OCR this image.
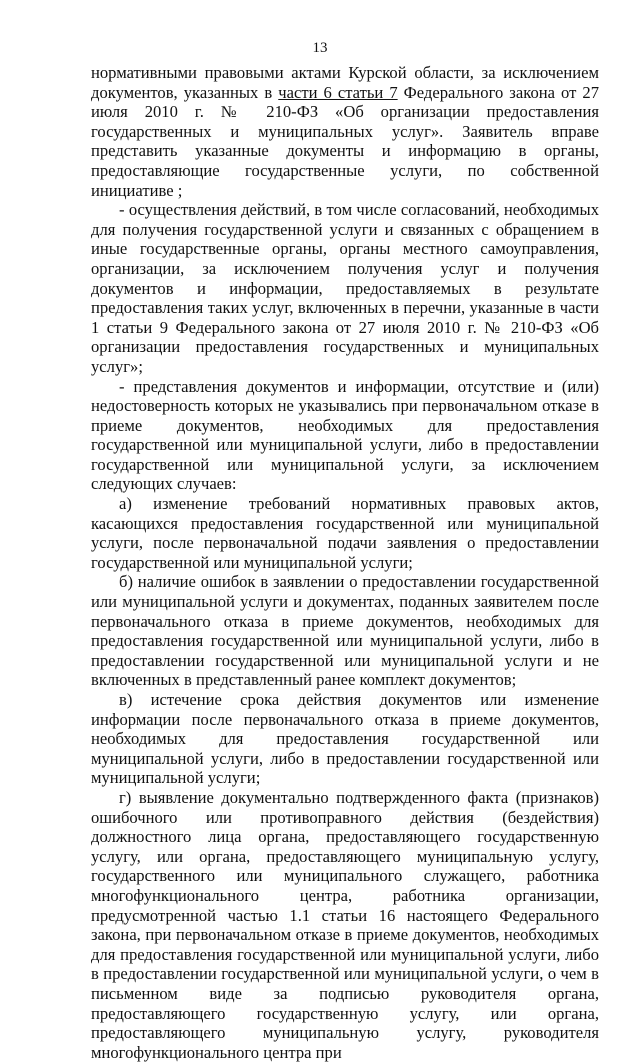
13

нормативными правовыми актами Курской области, за исключением документов, указанных в части 6 статьи 7 Федерального закона от 27 июля 2010 г. № 210-ФЗ «Об организации предоставления государственных и муниципальных услуг». Заявитель вправе представить указанные документы и информацию в органы, предоставляющие государственные услуги, по собственной инициативе ;

- осуществления действий, в том числе согласований, необходимых для получения государственной услуги и связанных с обращением в иные государственные органы, органы местного самоуправления, организации, за исключением получения услуг и получения документов и информации, предоставляемых в результате предоставления таких услуг, включенных в перечни, указанные в части 1 статьи 9 Федерального закона от 27 июля 2010 г. № 210-ФЗ «Об организации предоставления государственных и муниципальных услуг»;

- представления документов и информации, отсутствие и (или) недостоверность которых не указывались при первоначальном отказе в приеме документов, необходимых для предоставления государственной или муниципальной услуги, либо в предоставлении государственной или муниципальной услуги, за исключением следующих случаев:

а) изменение требований нормативных правовых актов, касающихся предоставления государственной или муниципальной услуги, после первоначальной подачи заявления о предоставлении государственной или муниципальной услуги;

б) наличие ошибок в заявлении о предоставлении государственной или муниципальной услуги и документах, поданных заявителем после первоначального отказа в приеме документов, необходимых для предоставления государственной или муниципальной услуги, либо в предоставлении государственной или муниципальной услуги и не включенных в представленный ранее комплект документов;

в) истечение срока действия документов или изменение информации после первоначального отказа в приеме документов, необходимых для предоставления государственной или муниципальной услуги, либо в предоставлении государственной или муниципальной услуги;

г) выявление документально подтвержденного факта (признаков) ошибочного или противоправного действия (бездействия) должностного лица органа, предоставляющего государственную услугу, или органа, предоставляющего муниципальную услугу, государственного или муниципального служащего, работника многофункционального центра, работника организации, предусмотренной частью 1.1 статьи 16 настоящего Федерального закона, при первоначальном отказе в приеме документов, необходимых для предоставления государственной или муниципальной услуги, либо в предоставлении государственной или муниципальной услуги, о чем в письменном виде за подписью руководителя органа, предоставляющего государственную услугу, или органа, предоставляющего муниципальную услугу, руководителя многофункционального центра при
